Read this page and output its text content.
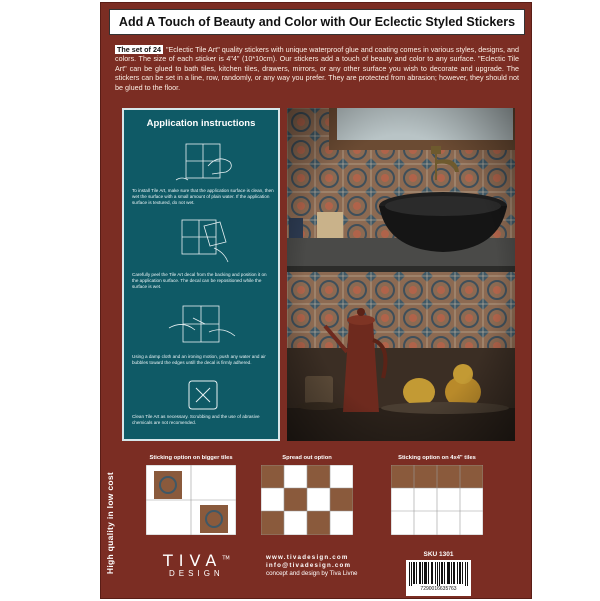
Add A Touch of Beauty and Color with Our Eclectic Styled Stickers
The set of 24 "Eclectic Tile Art" quality stickers with unique waterproof glue and coating comes in various styles, designs, and colors. The size of each sticker is 4"4" (10*10cm). Our stickers add a touch of beauty and color to any surface. "Eclectic Tile Art" can be glued to bath tiles, kitchen tiles, drawers, mirrors, or any other surface you wish to decorate and upgrade. The stickers can be set in a line, row, randomly, or any way you prefer. They are protected from abrasion; however, they should not be glued to the floor.
Application instructions

To install Tile Art, make sure that the application surface is clean, then wet the surface with a small amount of plain water. If the application surface is textured, do not wet.

Carefully peel the Tile Art decal from the backing and position it on the application surface. The decal can be repositioned while the surface is wet.

Using a damp cloth and an ironing motion, push any water and air bubbles toward the edges untill the decal is firmly adhered.

Clean Tile Art as necessary. Scrubbing and the use of abrasive chemicals are not recomended.

High quality in low cost
Sticking option on bigger tiles	Spread out option	Sticking option on 4x4" tiles
TIVA™
DESIGN
www.tivadesign.com
info@tivadesign.com
concept and design by Tiva Livne
SKU 1301
7290016635763
